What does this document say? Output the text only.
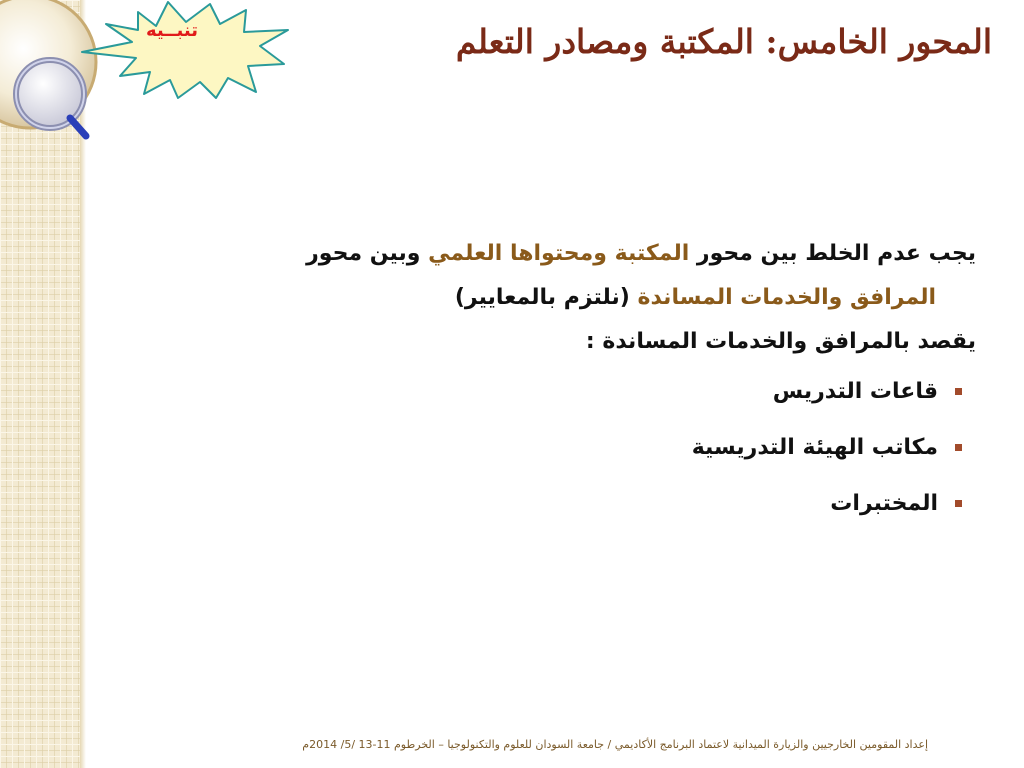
تنبــيه	المحور الخامس: المكتبة ومصادر التعلم

يجب عدم الخلط بين محور المكتبة ومحتواها العلمي وبين محور
المرافق والخدمات المساندة (نلتزم بالمعايير)

يقصد بالمرافق والخدمات المساندة :

قاعات التدريس
مكاتب الهيئة التدريسية
المختبرات
إعداد المقومين الخارجيين والزيارة الميدانية لاعتماد البرنامج الأكاديمي / جامعة السودان للعلوم والتكنولوجيا – الخرطوم 11-13 /5/ 2014م
